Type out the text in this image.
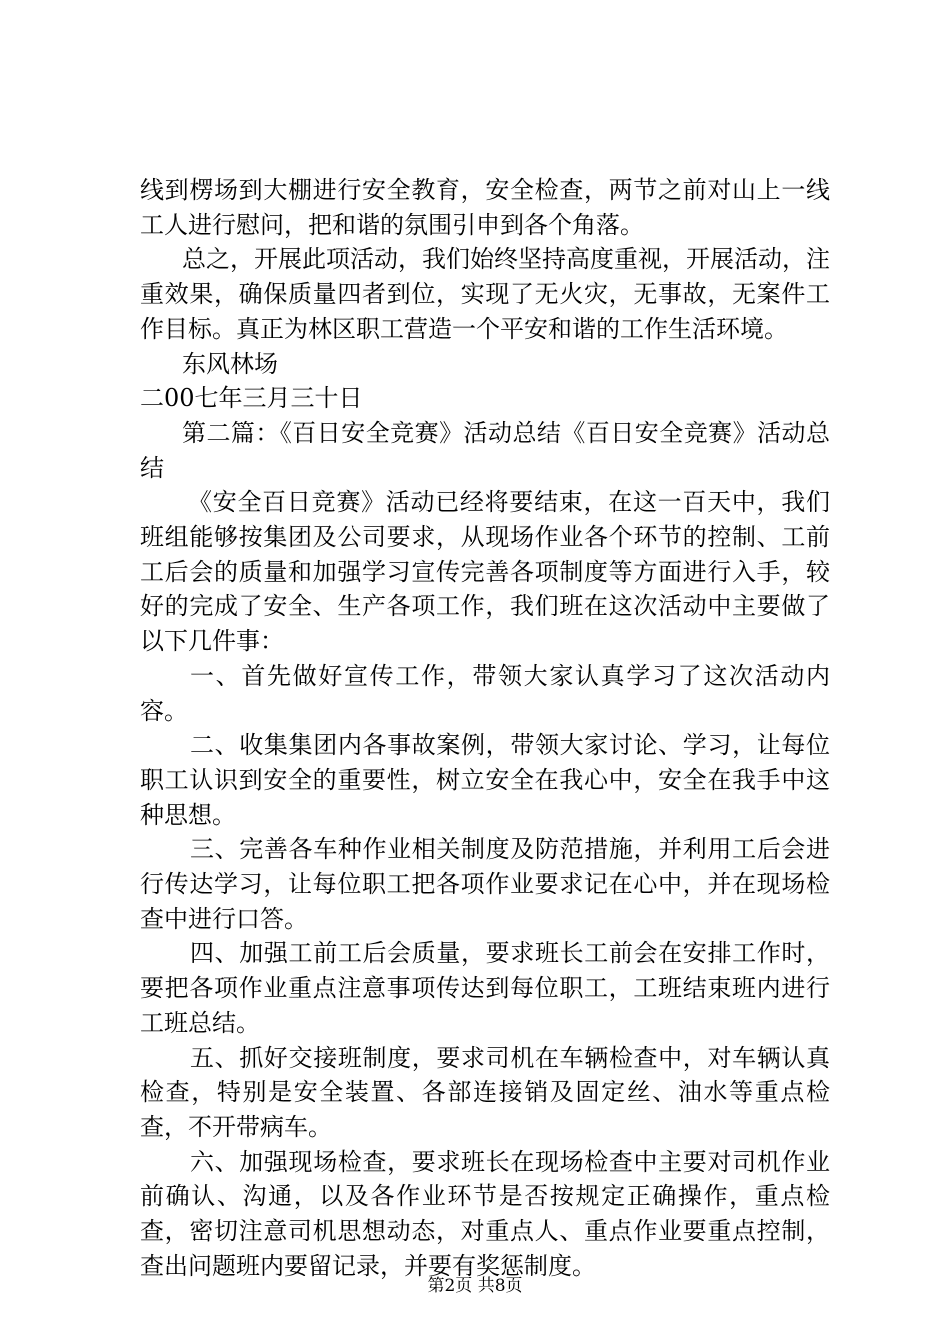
线到楞场到大棚进行安全教育，安全检查，两节之前对山上一线工人进行慰问，把和谐的氛围引申到各个角落。

总之，开展此项活动，我们始终坚持高度重视，开展活动，注重效果，确保质量四者到位，实现了无火灾，无事故，无案件工作目标。真正为林区职工营造一个平安和谐的工作生活环境。

东风林场

二00七年三月三十日

第二篇：《百日安全竞赛》活动总结《百日安全竞赛》活动总结

《安全百日竞赛》活动已经将要结束，在这一百天中，我们班组能够按集团及公司要求，从现场作业各个环节的控制、工前工后会的质量和加强学习宣传完善各项制度等方面进行入手，较好的完成了安全、生产各项工作，我们班在这次活动中主要做了以下几件事：

一、首先做好宣传工作，带领大家认真学习了这次活动内容。

二、收集集团内各事故案例，带领大家讨论、学习，让每位职工认识到安全的重要性，树立安全在我心中，安全在我手中这种思想。

三、完善各车种作业相关制度及防范措施，并利用工后会进行传达学习，让每位职工把各项作业要求记在心中，并在现场检查中进行口答。

四、加强工前工后会质量，要求班长工前会在安排工作时，要把各项作业重点注意事项传达到每位职工，工班结束班内进行工班总结。

五、抓好交接班制度，要求司机在车辆检查中，对车辆认真检查，特别是安全装置、各部连接销及固定丝、油水等重点检查，不开带病车。

六、加强现场检查，要求班长在现场检查中主要对司机作业前确认、沟通，以及各作业环节是否按规定正确操作，重点检查，密切注意司机思想动态，对重点人、重点作业要重点控制，查出问题班内要留记录，并要有奖惩制度。

第2页 共8页
